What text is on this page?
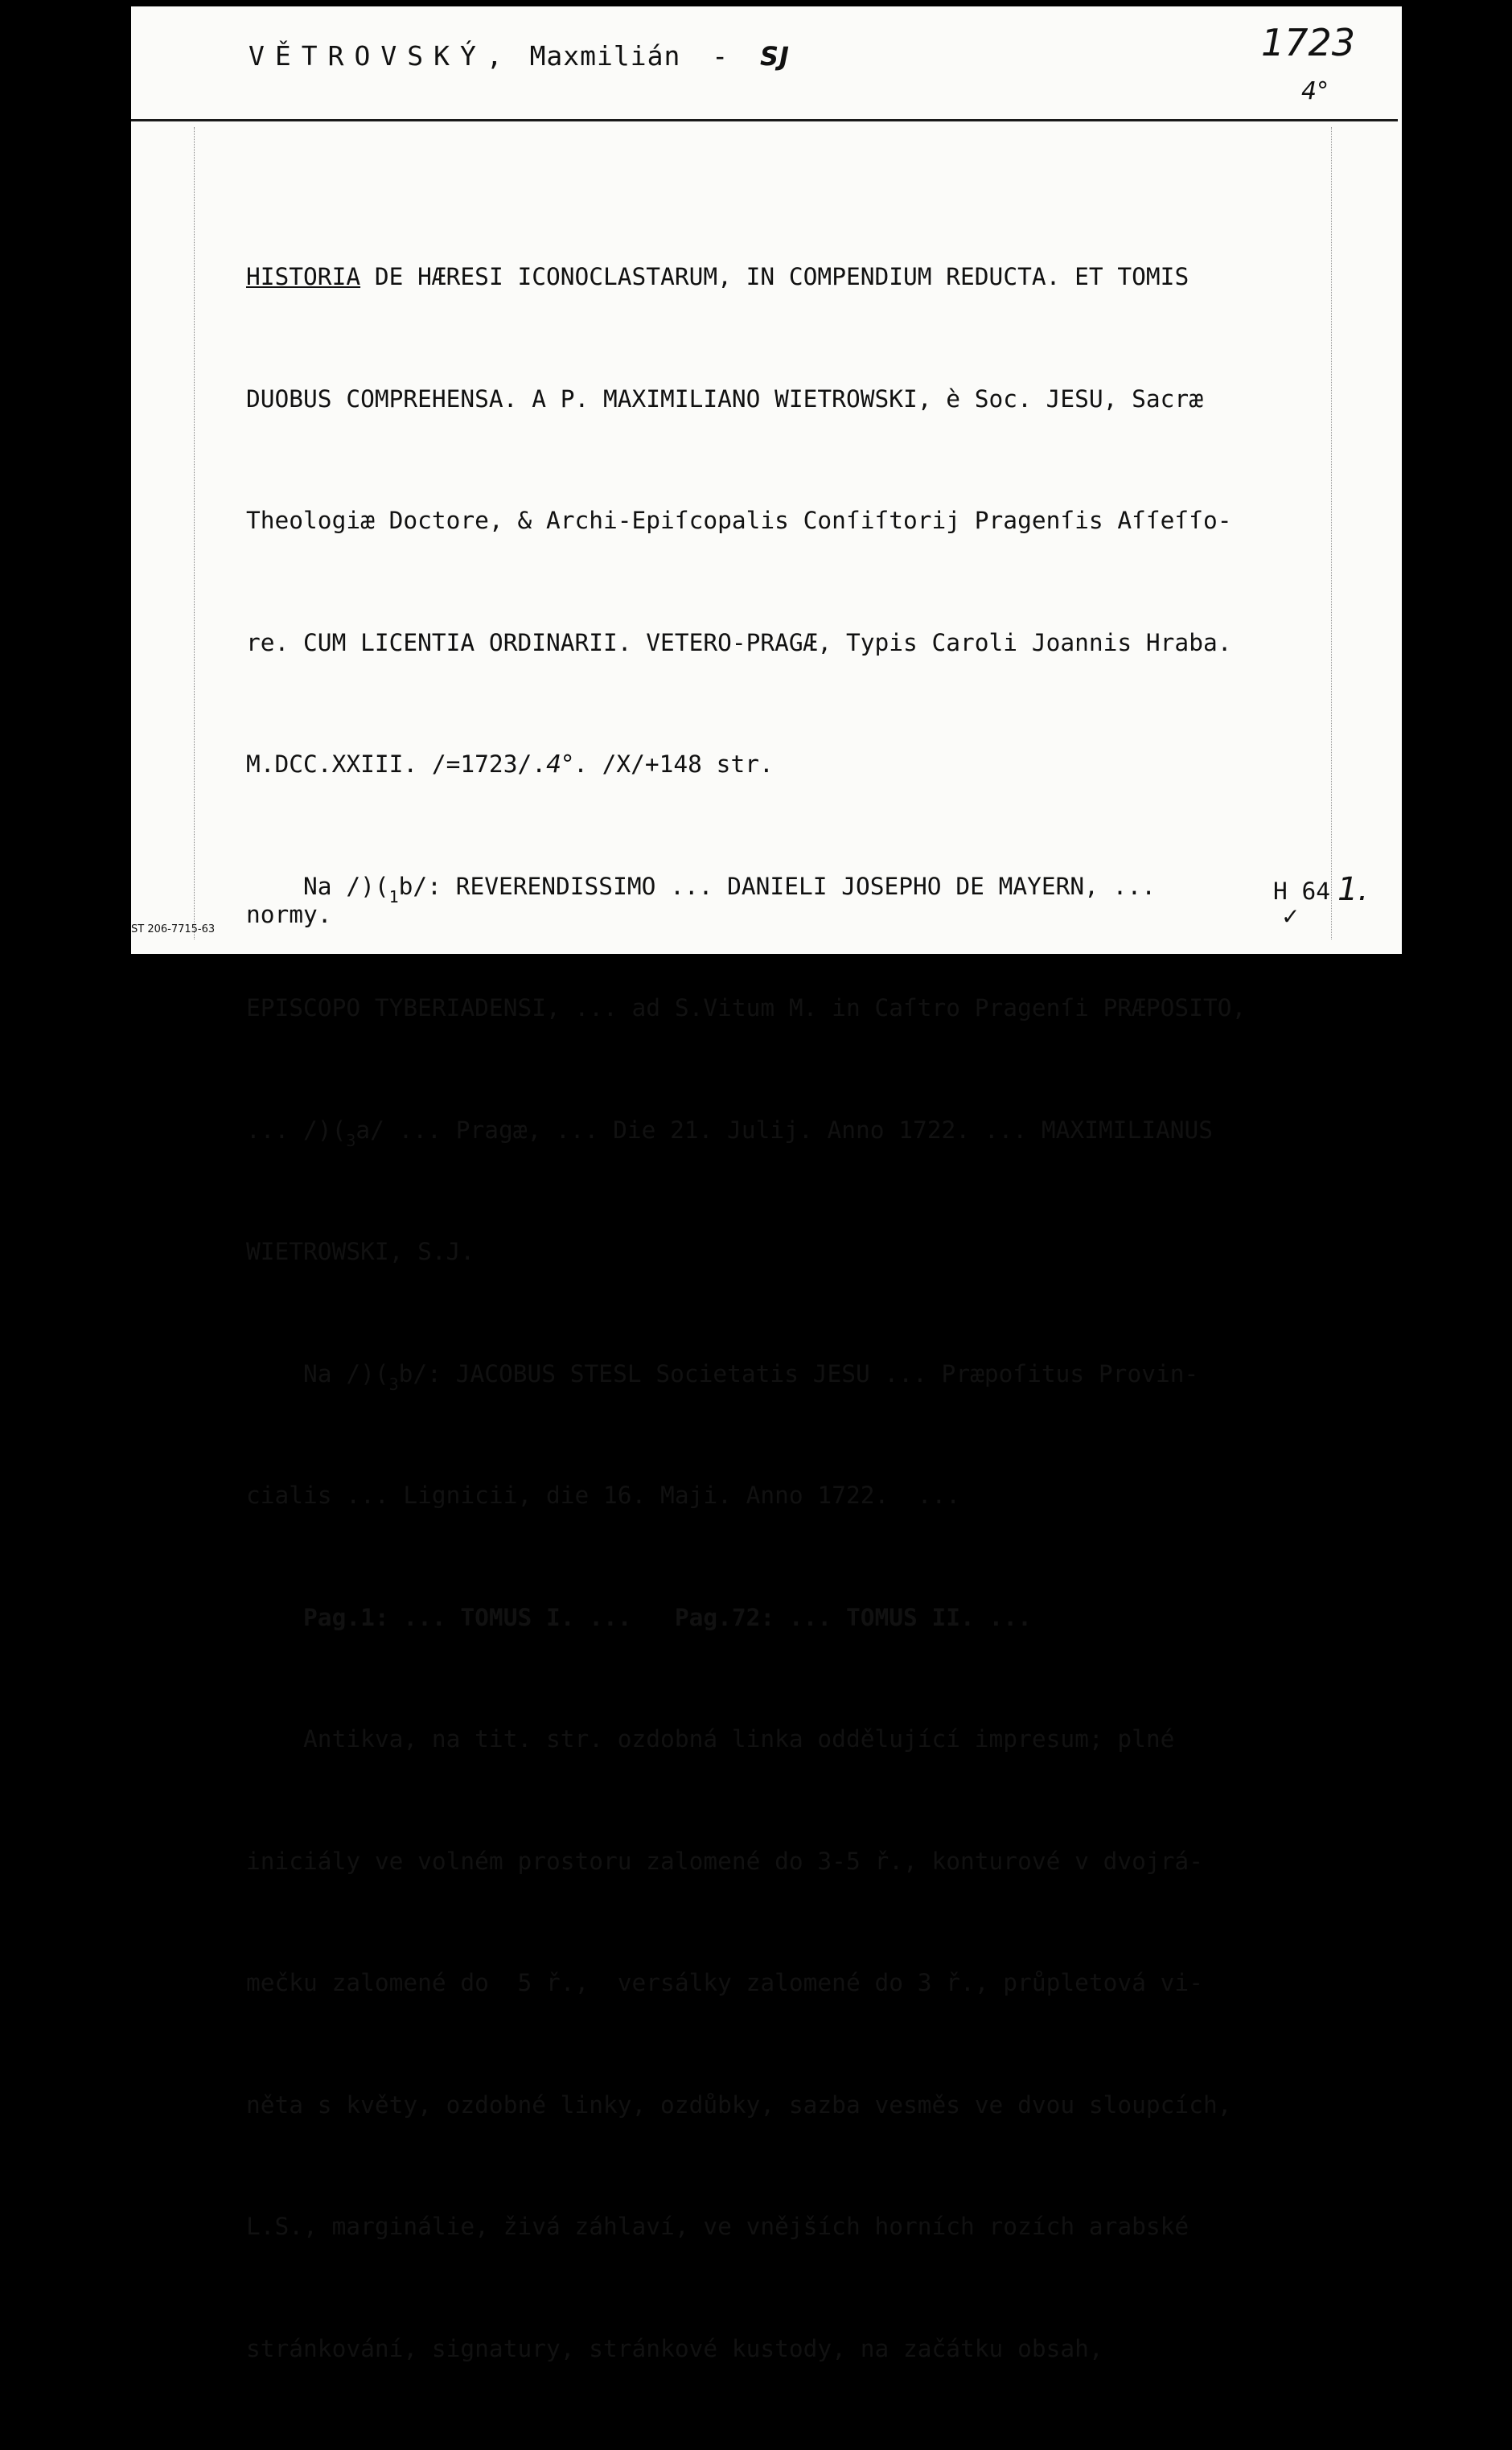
VĚTROVSKÝ, Maxmilián - SJ	1723
4°

HISTORIA DE HÆRESI ICONOCLASTARUM, IN COMPENDIUM REDUCTA. ET TOMIS

DUOBUS COMPREHENSA. A P. MAXIMILIANO WIETROWSKI, è Soc. JESU, Sacræ

Theologiæ Doctore, & Archi-Epiſcopalis Conſiſtorij Pragenſis Aſſeſſo-

re. CUM LICENTIA ORDINARII. VETERO-PRAGÆ, Typis Caroli Joannis Hraba.

M.DCC.XXIII. /=1723/.4°. /X/+148 str.

Na $/)(_1b/$: REVERENDISSIMO ... DANIELI JOSEPHO DE MAYERN, ...

EPISCOPO TYBERIADENSI, ... ad S.Vitum M. in Caſtro Pragenſi PRÆPOSITO,

... $/)(_3a/$ ... Pragæ, ... Die 21. Julij. Anno 1722. ... MAXIMILIANUS

WIETROWSKI, S.J.

Na $/)(_3b/$: JACOBUS STESL Societatis JESU ... Præpoſitus Provin-

cialis ... Lignicii, die 16. Maji. Anno 1722.  ...

Pag.1: ... TOMUS I. ...   Pag.72: ... TOMUS II. ...

Antikva, na tit. str. ozdobná linka oddělující impresum; plné

iniciály ve volném prostoru zalomené do 3-5 ř., konturové v dvojrá-

mečku zalomené do  5 ř.,  versálky zalomené do 3 ř., průpletová vi-

něta s květy, ozdobné linky, ozdůbky, sazba vesměs ve dvou sloupcích,

L.S., marginálie, živá záhlaví, ve vnějších horních rozích arabské

stránkování, signatury, stránkové kustody, na začátku obsah,

H 64 1.
✓
ST 206-7715-63
normy.
